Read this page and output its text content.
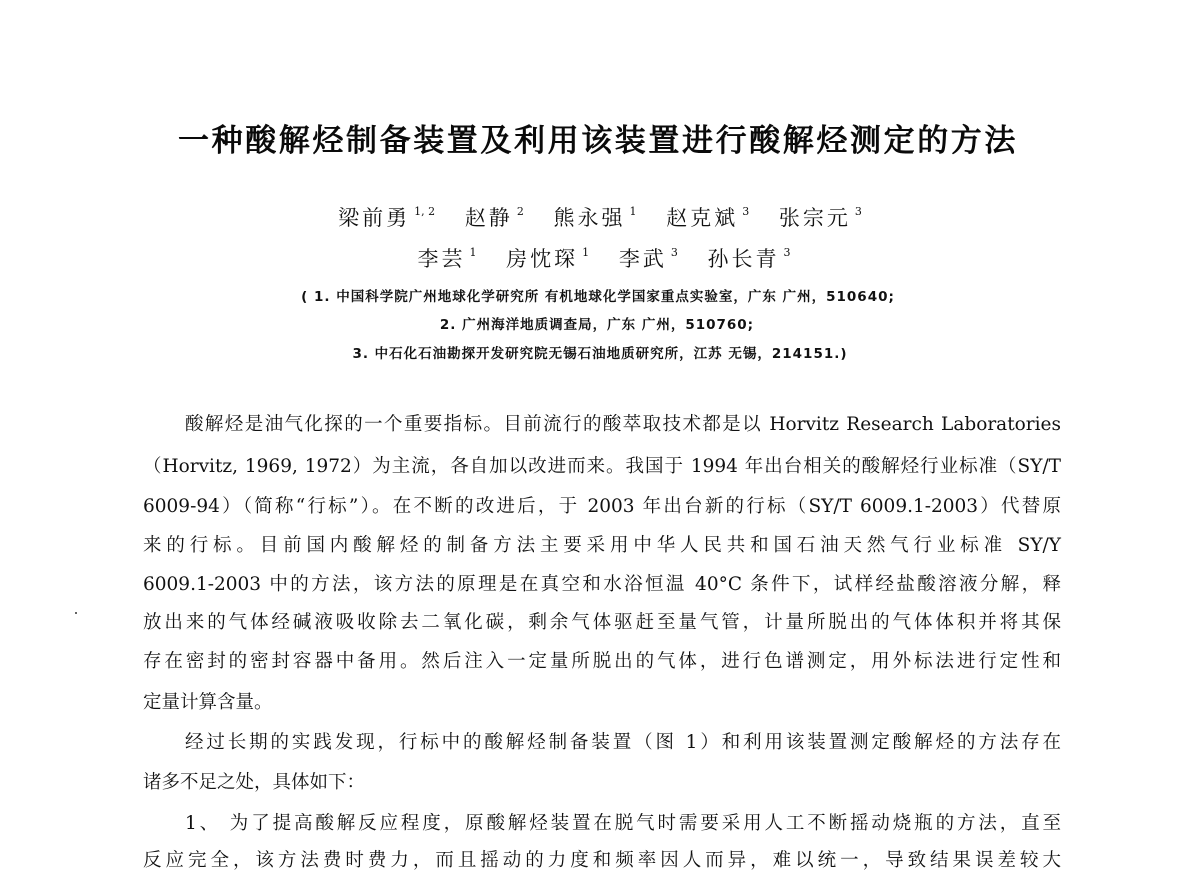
一种酸解烃制备装置及利用该装置进行酸解烃测定的方法
梁前勇 $^{1, 2}$ 赵静 $^2$ 熊永强 $^1$ 赵克斌 $^3$ 张宗元 $^3$
李芸 $^1$ 房忱琛 $^1$ 李武 $^3$ 孙长青 $^3$
( 1. 中国科学院广州地球化学研究所 有机地球化学国家重点实验室，广东 广州，510640;
2. 广州海洋地质调查局，广东 广州，510760;
3. 中石化石油勘探开发研究院无锡石油地质研究所，江苏 无锡，214151.)
酸解烃是油气化探的一个重要指标。目前流行的酸萃取技术都是以 Horvitz Research Laboratories
（Horvitz, 1969, 1972）为主流，各自加以改进而来。我国于 1994 年出台相关的酸解烃行业标准（SY/T
6009-94）（简称“行标”）。在不断的改进后，于 2003 年出台新的行标（SY/T 6009.1-2003）代替原
来的行标。目前国内酸解烃的制备方法主要采用中华人民共和国石油天然气行业标准 SY/Y
6009.1-2003 中的方法，该方法的原理是在真空和水浴恒温 40°C 条件下，试样经盐酸溶液分解，释
放出来的气体经碱液吸收除去二氧化碳，剩余气体驱赶至量气管，计量所脱出的气体体积并将其保
存在密封的密封容器中备用。然后注入一定量所脱出的气体，进行色谱测定，用外标法进行定性和
定量计算含量。
经过长期的实践发现，行标中的酸解烃制备装置（图 1）和利用该装置测定酸解烃的方法存在
诸多不足之处，具体如下：
1、 为了提高酸解反应程度，原酸解烃装置在脱气时需要采用人工不断摇动烧瓶的方法，直至
反应完全，该方法费时费力，而且摇动的力度和频率因人而异，难以统一，导致结果误差较大
